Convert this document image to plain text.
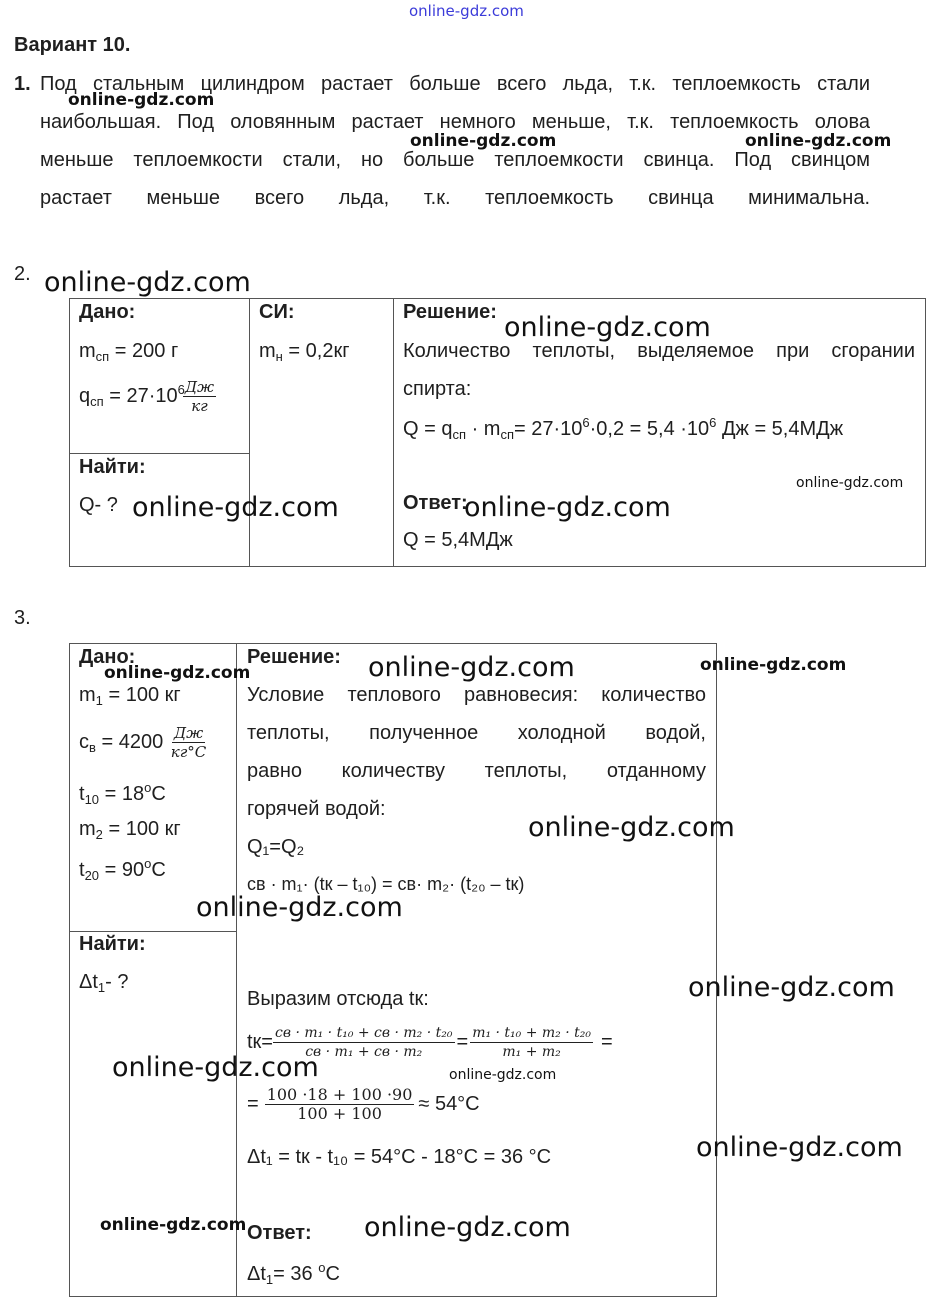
online-gdz.com
Вариант 10.
1. Под стальным цилиндром растает больше всего льда, т.к. теплоемкость стали
наибольшая. Под оловянным растает немного меньше, т.к. теплоемкость олова
меньше теплоемкости стали, но больше теплоемкости свинца. Под свинцом
растает меньше всего льда, т.к. теплоемкость свинца минимальна.
online-gdz.com
online-gdz.com	online-gdz.com
2. online-gdz.com
Дано:
$m_{сп} = 200$ г
$q_{сп} = 27\cdot 10^6$
$\frac{Дж}{кг}$
Найти:
Q- ?
СИ:
$m_н = 0,2кг$
Решение:
Количество теплоты, выделяемое при сгорании
спирта:
$Q = q_{сп} \cdot m_{сп}= 27\cdot 10^6\cdot 0,2 = 5,4 \cdot 10^6$ Дж = 5,4МДж
Ответ:
Q = 5,4МДж
online-gdz.com
online-gdz.com
online-gdz.com	online-gdz.com
3.
Дано:
$m_1 = 100$ кг
$c_в = 4200 \frac{Дж}{кг^\circ C}$
$t_{10} = 18^oC$
$m_2 = 100$ кг
$t_{20} = 90^oC$
Найти:
$\Delta t_1-$ ?
Решение:
Условие теплового равновесия: количество
теплоты, полученное холодной водой,
равно количеству теплоты, отданному
горячей водой:
Q₁=Q₂
cв · m₁· (tк – t₁₀) = cв· m₂· (t₂₀ – tк)
Выразим отсюда tк:
$tк= \frac{\text{cв · m₁ · t₁₀ + cв · m₂ · t₂₀}}{\text{cв · m₁ + cв · m₂}} = \frac{\text{m₁ · t₁₀ + m₂ · t₂₀}}{\text{m₁ + m₂}}$ =
= $\frac{100 \cdot 18 + 100 \cdot 90}{100 + 100} \approx 54^\circ C$
Δt₁ = tк - t₁₀ = 54°C - 18°C = 36 °C
Ответ:
$\Delta t_1= 36$ $^o$C
online-gdz.com	online-gdz.com	online-gdz.com
online-gdz.com
online-gdz.com
online-gdz.com
online-gdz.com	online-gdz.com
online-gdz.com
online-gdz.com	online-gdz.com
